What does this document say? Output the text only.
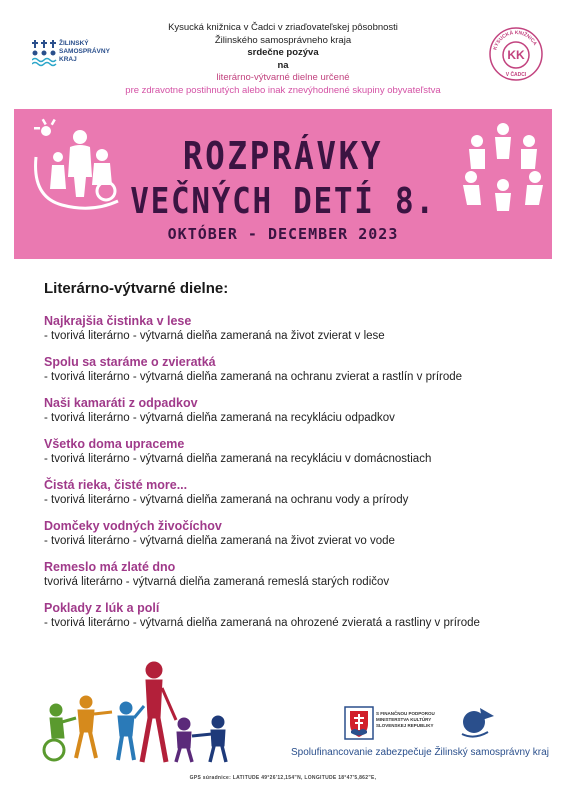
Kysucká knižnica v Čadci v zriaďovateľskej pôsobnosti
Žilinského samosprávneho kraja
srdečne pozýva
na
literárno-výtvarné dielne určené
pre zdravotne postihnutých alebo inak znevýhodnené skupiny obyvateľstva
ŽILINSKÝ
SAMOSPRÁVNY
KRAJ
KYSUCKÁ KNIŽNICA
KK
V ČADCI
ROZPRÁVKY
VEČNÝCH DETÍ 8.
OKTÓBER - DECEMBER 2023
Literárno-výtvarné dielne:
Najkrajšia čistinka v lese
- tvorivá literárno - výtvarná dielňa zameraná na život zvierat v lese
Spolu sa staráme o zvieratká
- tvorivá literárno - výtvarná dielňa zameraná na ochranu zvierat a rastlín v prírode
Naši kamaráti z odpadkov
- tvorivá literárno - výtvarná dielňa zameraná na recykláciu odpadkov
Všetko doma upraceme
- tvorivá literárno - výtvarná dielňa zameraná na recykláciu v domácnostiach
Čistá rieka, čisté more...
- tvorivá literárno - výtvarná dielňa zameraná na ochranu vody a prírody
Domčeky vodných živočíchov
- tvorivá literárno - výtvarná dielňa zameraná na život zvierat vo vode
Remeslo má zlaté dno
tvorivá literárno - výtvarná dielňa zameraná remeslá starých rodičov
Poklady z lúk a polí
- tvorivá literárno - výtvarná dielňa zameraná na ohrozené zvieratá a rastliny v prírode
S FINANČNOU PODPOROU
MINISTERSTVA KULTÚRY
SLOVENSKEJ REPUBLIKY
Spolufinancovanie zabezpečuje Žilinský samosprávny kraj
GPS súradnice: LATITUDE 49°26'12,154"N, LONGITUDE 18°47'5,862"E,
